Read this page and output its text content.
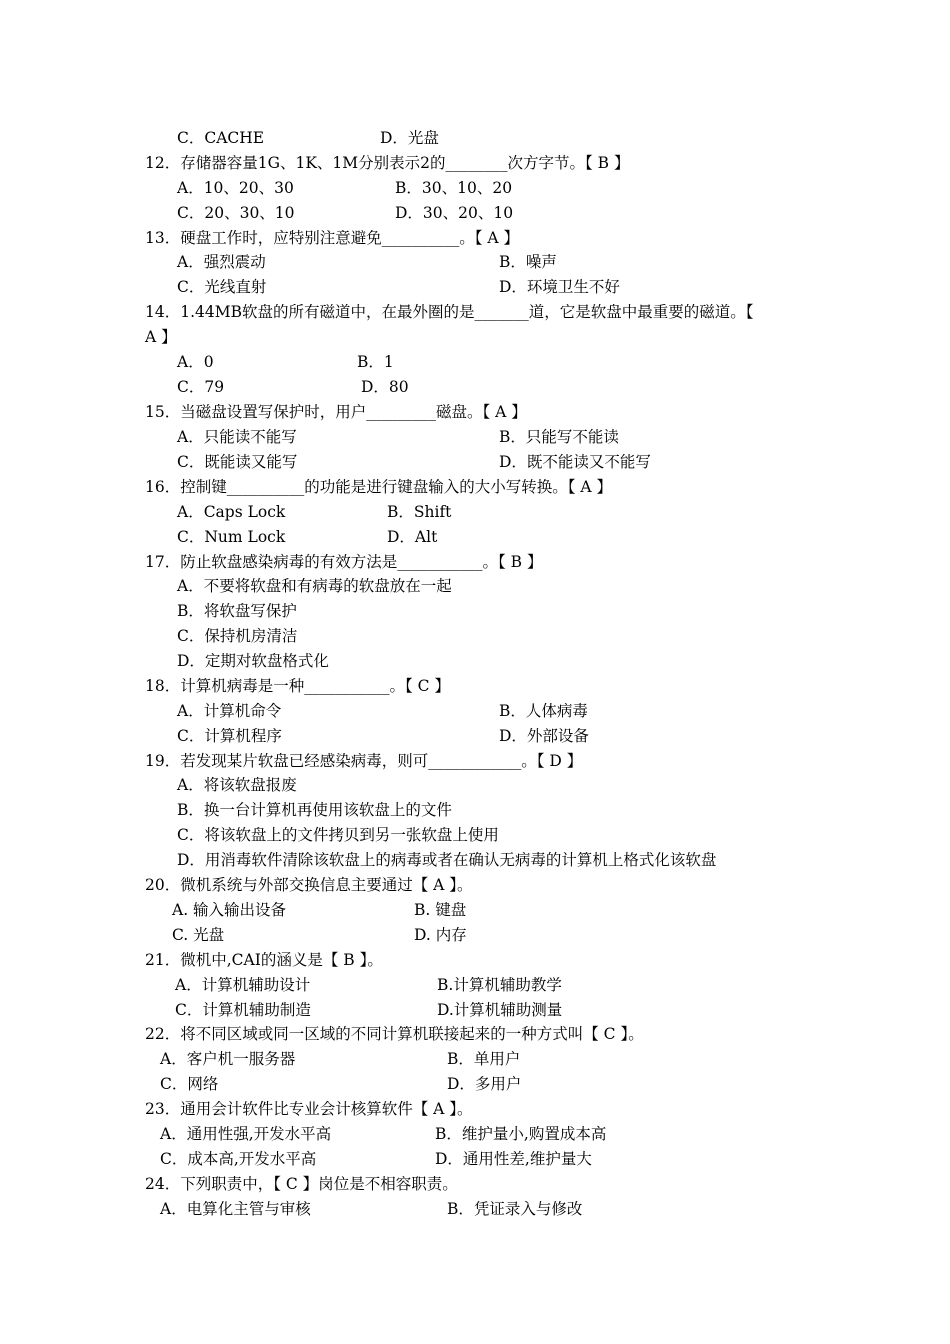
C．CACHE	D．光盘
12．存储器容量1G、1K、1M分别表示2的________次方字节。【 B 】
A．10、20、30	B．30、10、20
C．20、30、10	D．30、20、10
13．硬盘工作时，应特别注意避免__________。【 A 】
A．强烈震动	B．噪声
C．光线直射	D．环境卫生不好
14．1.44MB软盘的所有磁道中，在最外圈的是_______道，它是软盘中最重要的磁道。【
A 】
A．0	B．1
C．79	D．80
15．当磁盘设置写保护时，用户_________磁盘。【 A 】
A．只能读不能写	B．只能写不能读
C．既能读又能写	D．既不能读又不能写
16．控制键__________的功能是进行键盘输入的大小写转换。【 A 】
A．Caps Lock	B．Shift
C．Num Lock	D．Alt
17．防止软盘感染病毒的有效方法是___________。【 B 】
A．不要将软盘和有病毒的软盘放在一起
B．将软盘写保护
C．保持机房清洁
D．定期对软盘格式化
18．计算机病毒是一种___________。【 C 】
A．计算机命令	B．人体病毒
C．计算机程序	D．外部设备
19．若发现某片软盘已经感染病毒，则可____________。【 D 】
A．将该软盘报废
B．换一台计算机再使用该软盘上的文件
C．将该软盘上的文件拷贝到另一张软盘上使用
D．用消毒软件清除该软盘上的病毒或者在确认无病毒的计算机上格式化该软盘
20．微机系统与外部交换信息主要通过【 A 】。
A. 输入输出设备	B. 键盘
C. 光盘	D. 内存
21．微机中,CAI的涵义是【 B 】。
A．计算机辅助设计	B.计算机辅助教学
C．计算机辅助制造	D.计算机辅助测量
22．将不同区域或同一区域的不同计算机联接起来的一种方式叫【 C 】。
A．客户机一服务器	B．单用户
C．网络	D．多用户
23．通用会计软件比专业会计核算软件【 A 】。
A．通用性强,开发水平高	B．维护量小,购置成本高
C．成本高,开发水平高	D．通用性差,维护量大
24．下列职责中，【 C 】岗位是不相容职责。
A．电算化主管与审核	B．凭证录入与修改
